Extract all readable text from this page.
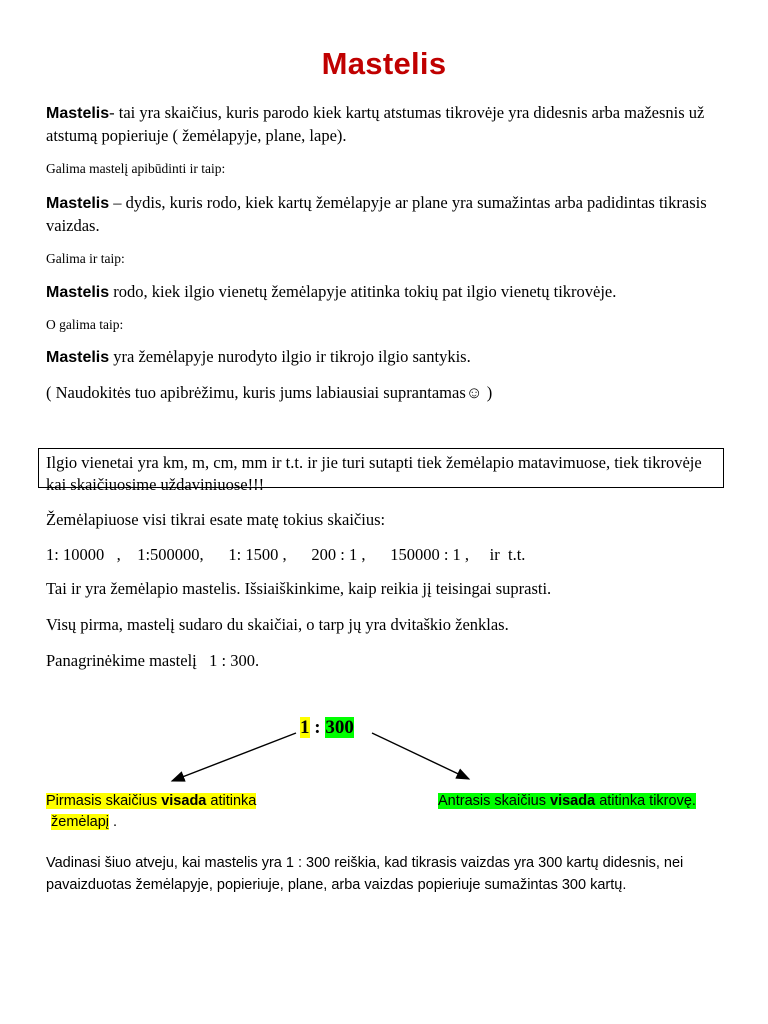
Mastelis
Mastelis- tai yra skaičius, kuris parodo kiek kartų atstumas tikrovėje yra didesnis arba mažesnis už atstumą popieriuje ( žemėlapyje, plane, lape).
Galima mastelį apibūdinti ir taip:
Mastelis – dydis, kuris rodo, kiek kartų žemėlapyje ar plane yra sumažintas arba padidintas tikrasis vaizdas.
Galima ir taip:
Mastelis rodo, kiek ilgio vienetų žemėlapyje atitinka tokių pat ilgio vienetų tikrovėje.
O galima taip:
Mastelis yra žemėlapyje nurodyto ilgio ir tikrojo ilgio santykis.
( Naudokitės tuo apibrėžimu, kuris jums labiausiai suprantamas☺ )
Ilgio vienetai yra km, m, cm, mm ir t.t. ir jie turi sutapti tiek žemėlapio matavimuose, tiek tikrovėje kai skaičiuosime uždaviniuose!!!
Žemėlapiuose visi tikrai esate matę tokius skaičius:
1: 10000   ,    1:500000,      1: 1500 ,      200 : 1 ,      150000 : 1 ,     ir  t.t.
Tai ir yra žemėlapio mastelis. Išsiaiškinkime, kaip reikia jį teisingai suprasti.
Visų pirma, mastelį sudaro du skaičiai, o tarp jų yra dvitaškio ženklas.
Panagrinėkime mastelį   1 : 300.
1 : 300
Pirmasis skaičius visada atitinka
žemėlapį .
Antrasis skaičius visada atitinka tikrovę.
Vadinasi šiuo atveju, kai mastelis yra 1 : 300 reiškia, kad tikrasis vaizdas yra 300 kartų didesnis, nei pavaizduotas žemėlapyje, popieriuje, plane, arba vaizdas popieriuje sumažintas 300 kartų.
